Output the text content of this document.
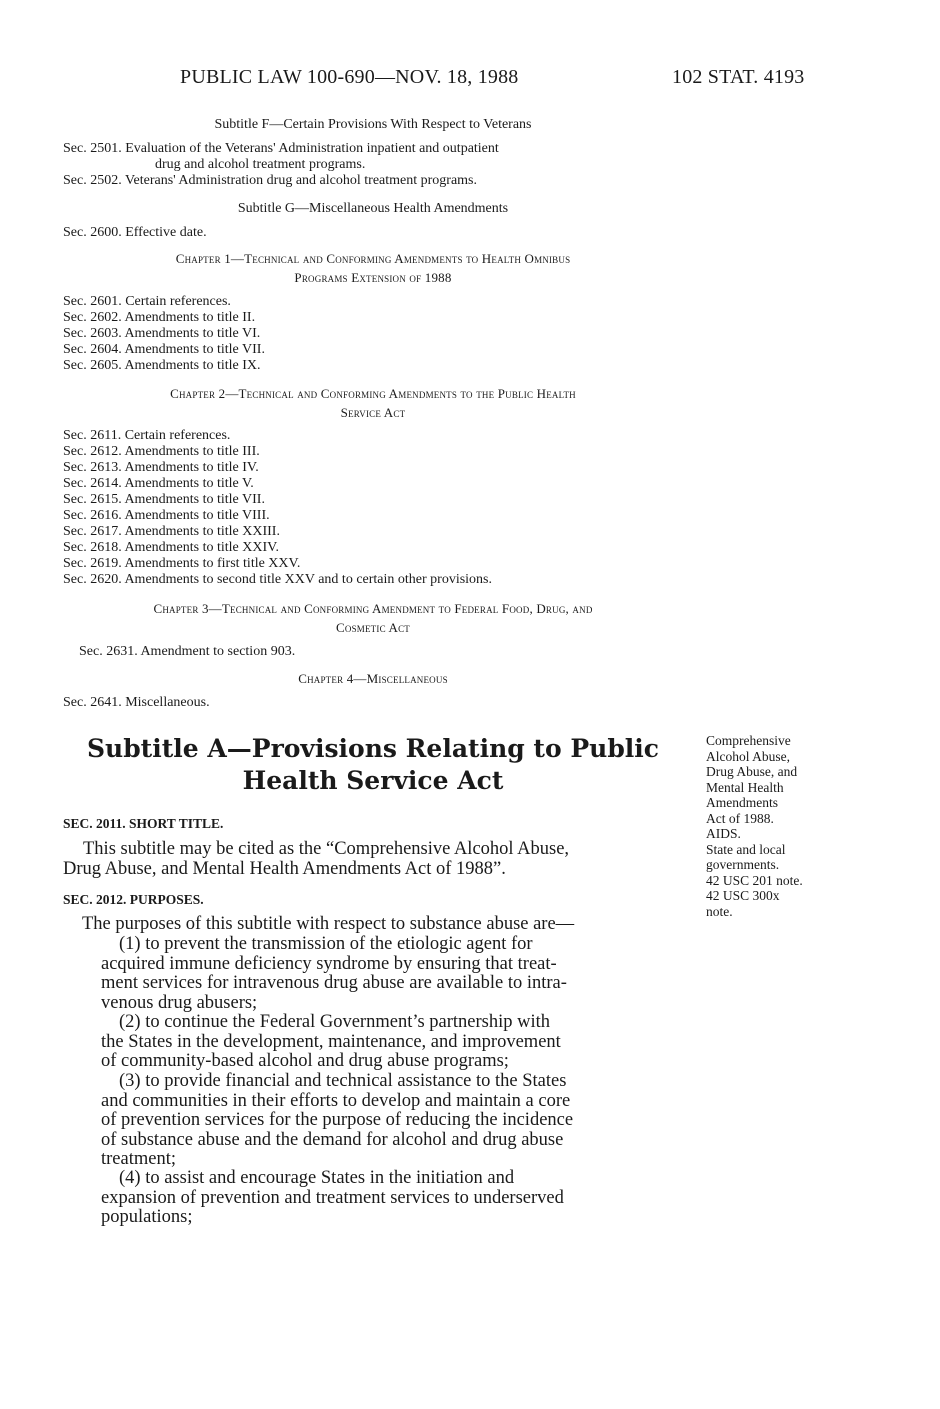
PUBLIC LAW 100-690—NOV. 18, 1988	102 STAT. 4193
Subtitle F—Certain Provisions With Respect to Veterans
Sec. 2501. Evaluation of the Veterans' Administration inpatient and outpatient
drug and alcohol treatment programs.
Sec. 2502. Veterans' Administration drug and alcohol treatment programs.
Subtitle G—Miscellaneous Health Amendments
Sec. 2600. Effective date.
Chapter 1—Technical and Conforming Amendments to Health Omnibus
Programs Extension of 1988
Sec. 2601. Certain references.
Sec. 2602. Amendments to title II.
Sec. 2603. Amendments to title VI.
Sec. 2604. Amendments to title VII.
Sec. 2605. Amendments to title IX.
Chapter 2—Technical and Conforming Amendments to the Public Health
Service Act
Sec. 2611. Certain references.
Sec. 2612. Amendments to title III.
Sec. 2613. Amendments to title IV.
Sec. 2614. Amendments to title V.
Sec. 2615. Amendments to title VII.
Sec. 2616. Amendments to title VIII.
Sec. 2617. Amendments to title XXIII.
Sec. 2618. Amendments to title XXIV.
Sec. 2619. Amendments to first title XXV.
Sec. 2620. Amendments to second title XXV and to certain other provisions.
Chapter 3—Technical and Conforming Amendment to Federal Food, Drug, and
Cosmetic Act
Sec. 2631. Amendment to section 903.
Chapter 4—Miscellaneous
Sec. 2641. Miscellaneous.
Subtitle A—Provisions Relating to Public
Health Service Act
SEC. 2011. SHORT TITLE.
This subtitle may be cited as the “Comprehensive Alcohol Abuse,
Drug Abuse, and Mental Health Amendments Act of 1988”.
SEC. 2012. PURPOSES.
The purposes of this subtitle with respect to substance abuse are—
(1) to prevent the transmission of the etiologic agent for
acquired immune deficiency syndrome by ensuring that treat-
ment services for intravenous drug abuse are available to intra-
venous drug abusers;
(2) to continue the Federal Government’s partnership with
the States in the development, maintenance, and improvement
of community-based alcohol and drug abuse programs;
(3) to provide financial and technical assistance to the States
and communities in their efforts to develop and maintain a core
of prevention services for the purpose of reducing the incidence
of substance abuse and the demand for alcohol and drug abuse
treatment;
(4) to assist and encourage States in the initiation and
expansion of prevention and treatment services to underserved
populations;
Comprehensive
Alcohol Abuse,
Drug Abuse, and
Mental Health
Amendments
Act of 1988.
AIDS.
State and local
governments.
42 USC 201 note.
42 USC 300x
note.
